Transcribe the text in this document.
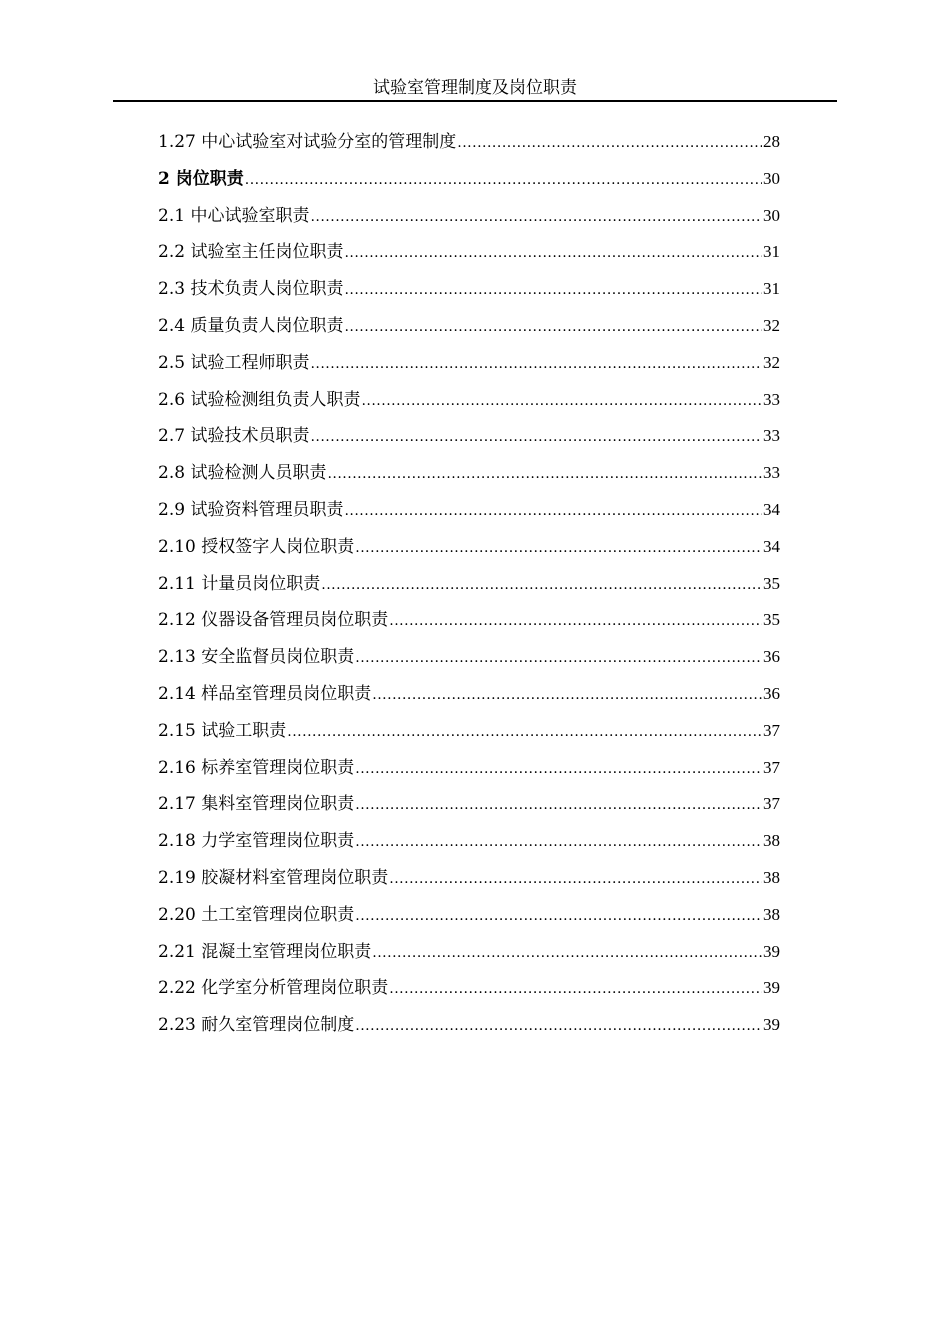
试验室管理制度及岗位职责
1.27 中心试验室对试验分室的管理制度 .....	28
2 岗位职责 .....	30
2.1 中心试验室职责 .....	30
2.2 试验室主任岗位职责 .....	31
2.3 技术负责人岗位职责 .....	31
2.4 质量负责人岗位职责 .....	32
2.5 试验工程师职责 .....	32
2.6 试验检测组负责人职责 .....	33
2.7 试验技术员职责 .....	33
2.8 试验检测人员职责 .....	33
2.9 试验资料管理员职责 .....	34
2.10 授权签字人岗位职责 .....	34
2.11 计量员岗位职责 .....	35
2.12 仪器设备管理员岗位职责 .....	35
2.13 安全监督员岗位职责 .....	36
2.14 样品室管理员岗位职责 .....	36
2.15 试验工职责 .....	37
2.16 标养室管理岗位职责 .....	37
2.17 集料室管理岗位职责 .....	37
2.18 力学室管理岗位职责 .....	38
2.19 胶凝材料室管理岗位职责 .....	38
2.20 土工室管理岗位职责 .....	38
2.21 混凝土室管理岗位职责 .....	39
2.22 化学室分析管理岗位职责 .....	39
2.23 耐久室管理岗位制度 .....	39
